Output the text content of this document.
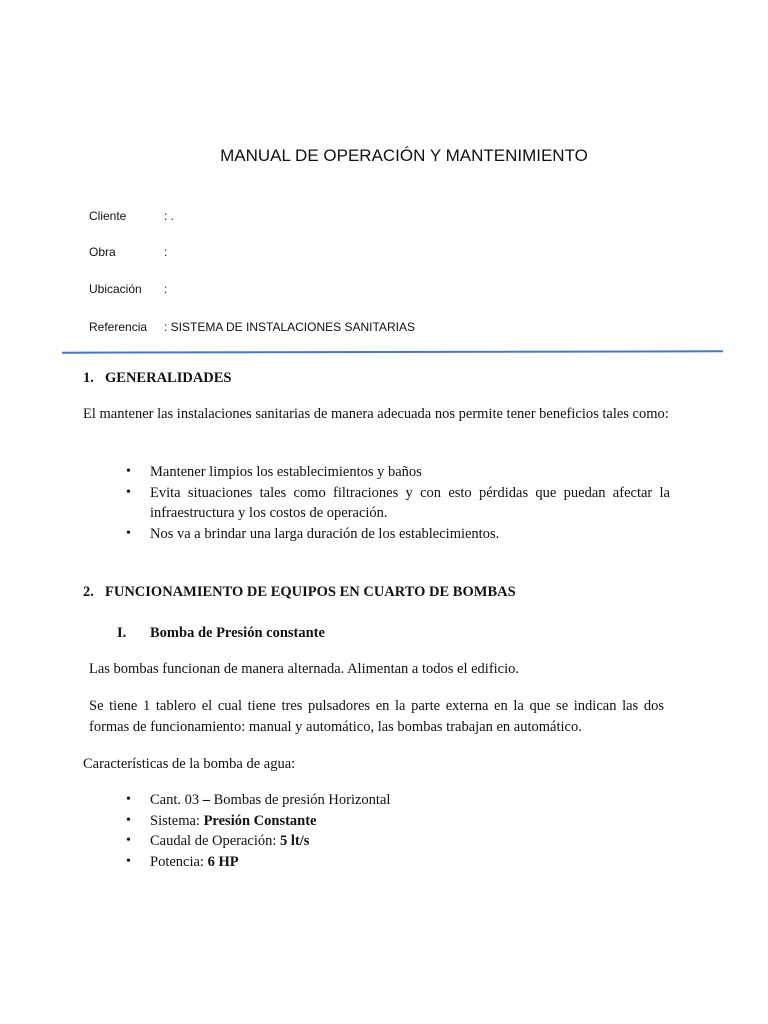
MANUAL DE OPERACIÓN Y MANTENIMIENTO
Cliente	: .
Obra	:
Ubicación :
Referencia : SISTEMA DE INSTALACIONES SANITARIAS
1. GENERALIDADES
El mantener las instalaciones sanitarias de manera adecuada nos permite tener beneficios tales como:
• Mantener limpios los establecimientos y baños
• Evita situaciones tales como filtraciones y con esto pérdidas que puedan afectar la infraestructura y los costos de operación.
• Nos va a brindar una larga duración de los establecimientos.
2. FUNCIONAMIENTO DE EQUIPOS EN CUARTO DE BOMBAS
I. Bomba de Presión constante
Las bombas funcionan de manera alternada. Alimentan a todos el edificio.
Se tiene 1 tablero el cual tiene tres pulsadores en la parte externa en la que se indican las dos formas de funcionamiento: manual y automático, las bombas trabajan en automático.
Características de la bomba de agua:
• Cant. 03 – Bombas de presión Horizontal
• Sistema: Presión Constante
• Caudal de Operación: 5 lt/s
• Potencia: 6 HP
